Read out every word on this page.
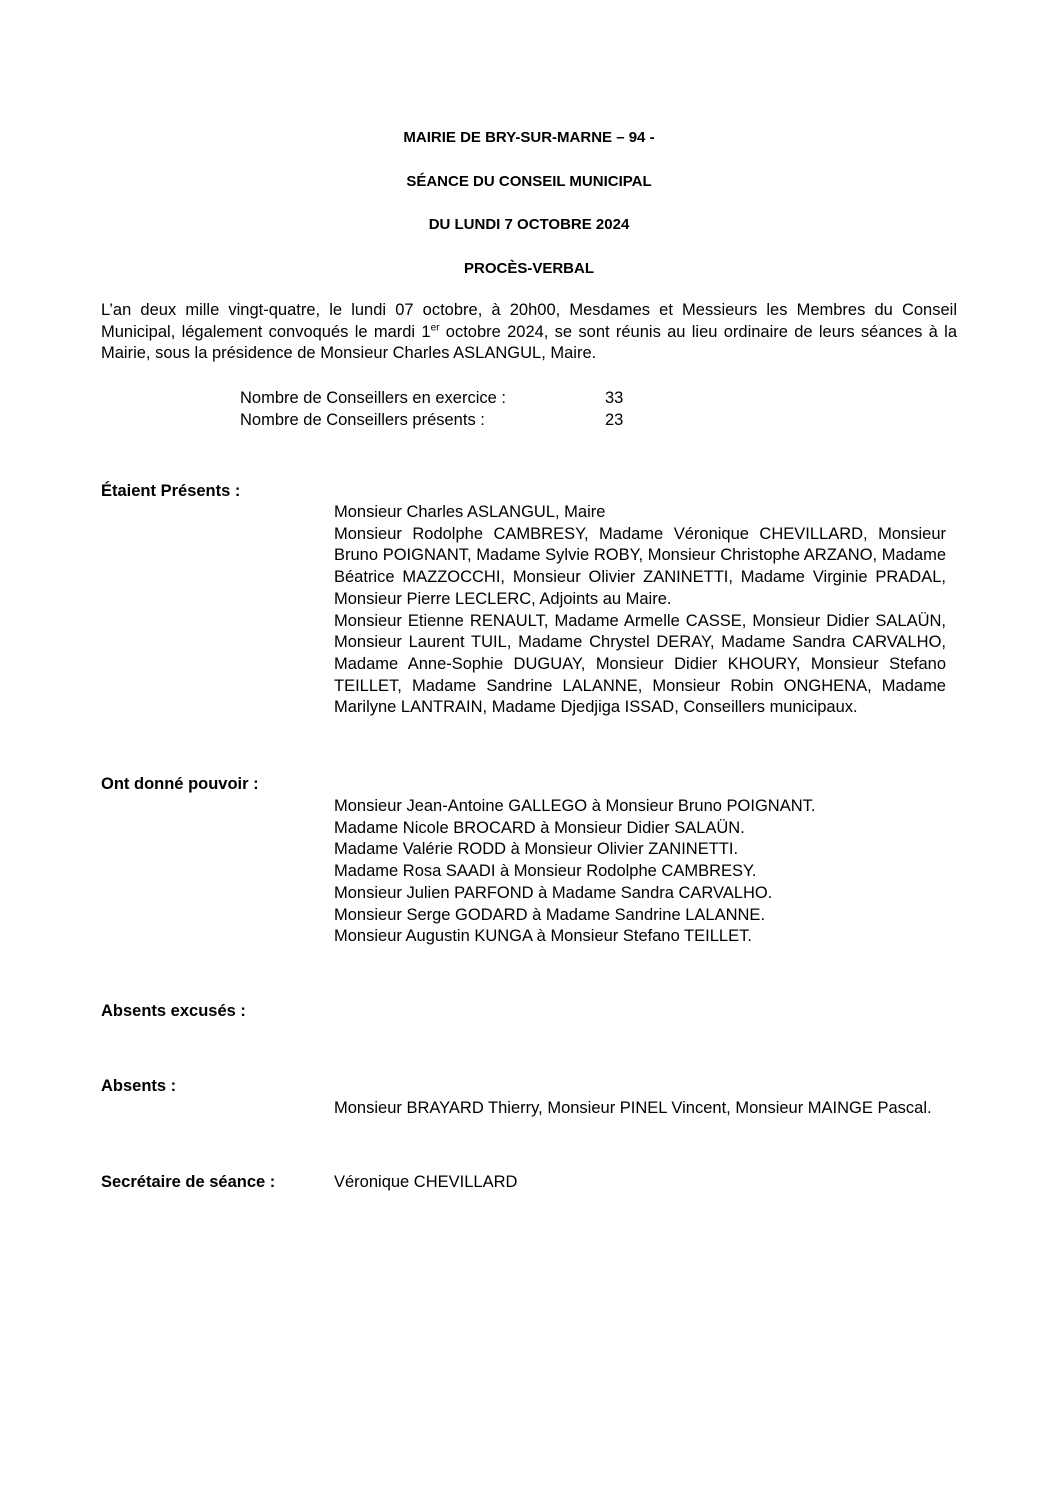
MAIRIE DE BRY-SUR-MARNE – 94 -
SÉANCE DU CONSEIL MUNICIPAL
DU LUNDI 7 OCTOBRE 2024
PROCÈS-VERBAL

L’an deux mille vingt-quatre, le lundi 07 octobre, à 20h00, Mesdames et Messieurs les Membres du Conseil Municipal, légalement convoqués le mardi 1er octobre 2024, se sont réunis au lieu ordinaire de leurs séances à la Mairie, sous la présidence de Monsieur Charles ASLANGUL, Maire.

Nombre de Conseillers en exercice :	33
Nombre de Conseillers présents :	23
Étaient Présents :
Monsieur Charles ASLANGUL, Maire
Monsieur Rodolphe CAMBRESY, Madame Véronique CHEVILLARD, Monsieur Bruno POIGNANT, Madame Sylvie ROBY, Monsieur Christophe ARZANO, Madame Béatrice MAZZOCCHI, Monsieur Olivier ZANINETTI, Madame Virginie PRADAL, Monsieur Pierre LECLERC, Adjoints au Maire.
Monsieur Etienne RENAULT, Madame Armelle CASSE, Monsieur Didier SALAÜN, Monsieur Laurent TUIL, Madame Chrystel DERAY, Madame Sandra CARVALHO, Madame Anne-Sophie DUGUAY, Monsieur Didier KHOURY, Monsieur Stefano TEILLET, Madame Sandrine LALANNE, Monsieur Robin ONGHENA, Madame Marilyne LANTRAIN, Madame Djedjiga ISSAD, Conseillers municipaux.
Ont donné pouvoir :
Monsieur Jean-Antoine GALLEGO à Monsieur Bruno POIGNANT.
Madame Nicole BROCARD à Monsieur Didier SALAÜN.
Madame Valérie RODD à Monsieur Olivier ZANINETTI.
Madame Rosa SAADI à Monsieur Rodolphe CAMBRESY.
Monsieur Julien PARFOND à Madame Sandra CARVALHO.
Monsieur Serge GODARD à Madame Sandrine LALANNE.
Monsieur Augustin KUNGA à Monsieur Stefano TEILLET.
Absents excusés :
Absents :
Monsieur BRAYARD Thierry, Monsieur PINEL Vincent, Monsieur MAINGE Pascal.
Secrétaire de séance :	Véronique CHEVILLARD
